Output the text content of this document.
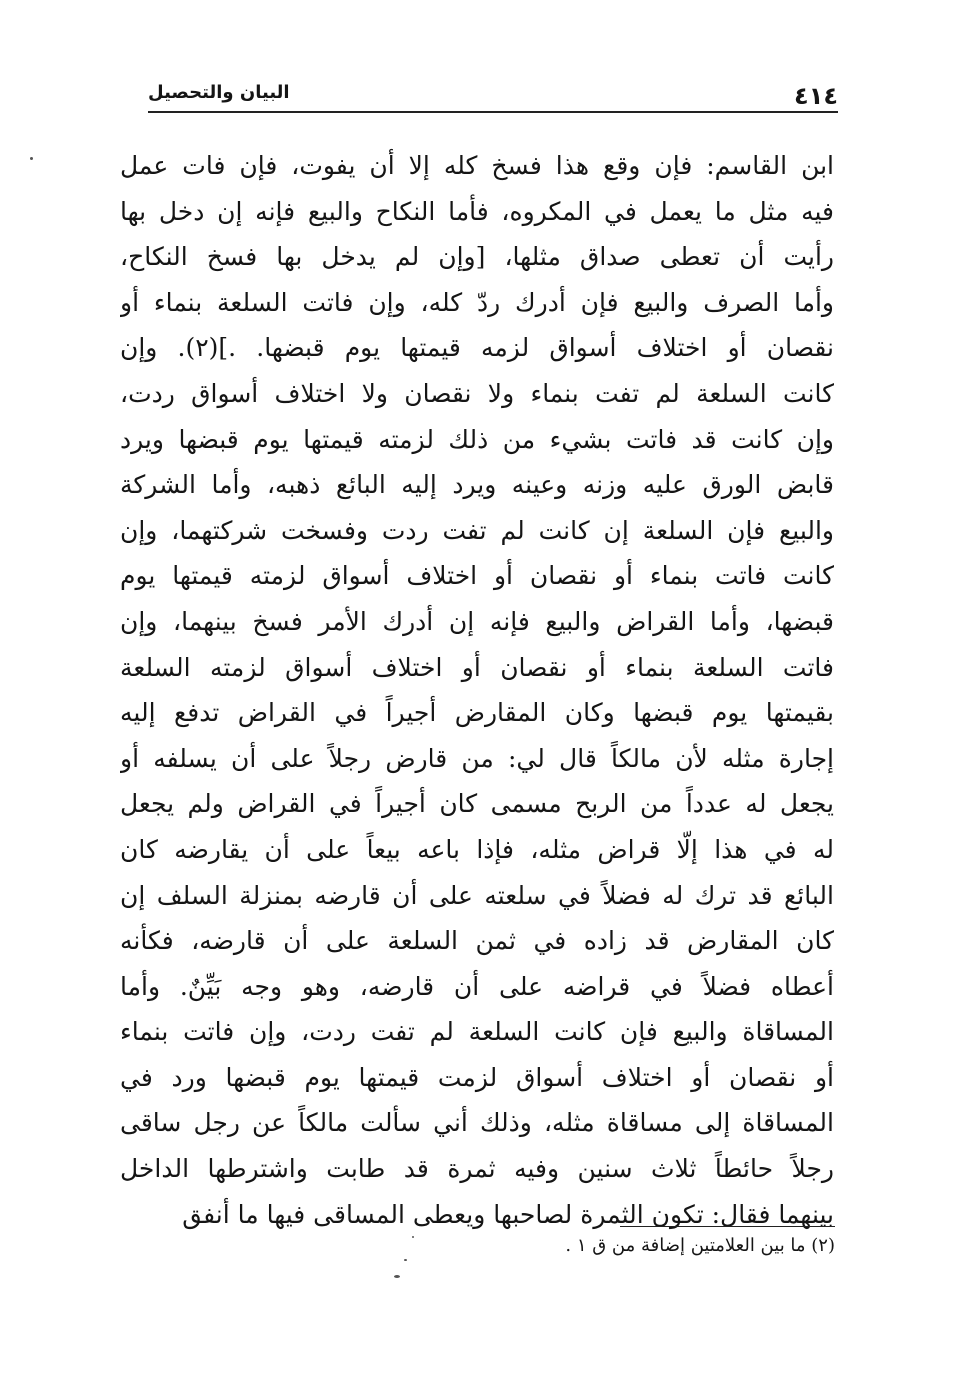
٤١٤
البيان والتحصيل
ابن القاسم: فإن وقع هذا فسخ كله إلا أن يفوت، فإن فات عمل
فيه مثل ما يعمل في المكروه، فأما النكاح والبيع فإنه إن دخل بها
رأيت أن تعطى صداق مثلها، [وإن لم يدخل بها فسخ النكاح،
وأما الصرف والبيع فإن أدرك ردّ كله، وإن فاتت السلعة بنماء أو
نقصان أو اختلاف أسواق لزمه قيمتها يوم قبضها. .](٢). وإن
كانت السلعة لم تفت بنماء ولا نقصان ولا اختلاف أسواق ردت،
وإن كانت قد فاتت بشيء من ذلك لزمته قيمتها يوم قبضها ويرد
قابض الورق عليه وزنه وعينه ويرد إليه البائع ذهبه، وأما الشركة
والبيع فإن السلعة إن كانت لم تفت ردت وفسخت شركتهما، وإن
كانت فاتت بنماء أو نقصان أو اختلاف أسواق لزمته قيمتها يوم
قبضها، وأما القراض والبيع فإنه إن أدرك الأمر فسخ بينهما، وإن
فاتت السلعة بنماء أو نقصان أو اختلاف أسواق لزمته السلعة
بقيمتها يوم قبضها وكان المقارض أجيراً في القراض تدفع إليه
إجارة مثله لأن مالكاً قال لي: من قارض رجلاً على أن يسلفه أو
يجعل له عدداً من الربح مسمى كان أجيراً في القراض ولم يجعل
له في هذا إلّا قراض مثله، فإذا باعه بيعاً على أن يقارضه كان
البائع قد ترك له فضلاً في سلعته على أن قارضه بمنزلة السلف إن
كان المقارض قد زاده في ثمن السلعة على أن قارضه، فكأنه
أعطاه فضلاً في قراضه على أن قارضه، وهو وجه بَيِّنٌ. وأما
المساقاة والبيع فإن كانت السلعة لم تفت ردت، وإن فاتت بنماء
أو نقصان أو اختلاف أسواق لزمت قيمتها يوم قبضها ورد في
المساقاة إلى مساقاة مثله، وذلك أني سألت مالكاً عن رجل ساقى
رجلاً حائطاً ثلاث سنين وفيه ثمرة قد طابت واشترطها الداخل
بينهما فقال: تكون الثمرة لصاحبها ويعطى المساقى فيها ما أنفق
(٢) ما بين العلامتين إضافة من ق ١ .
